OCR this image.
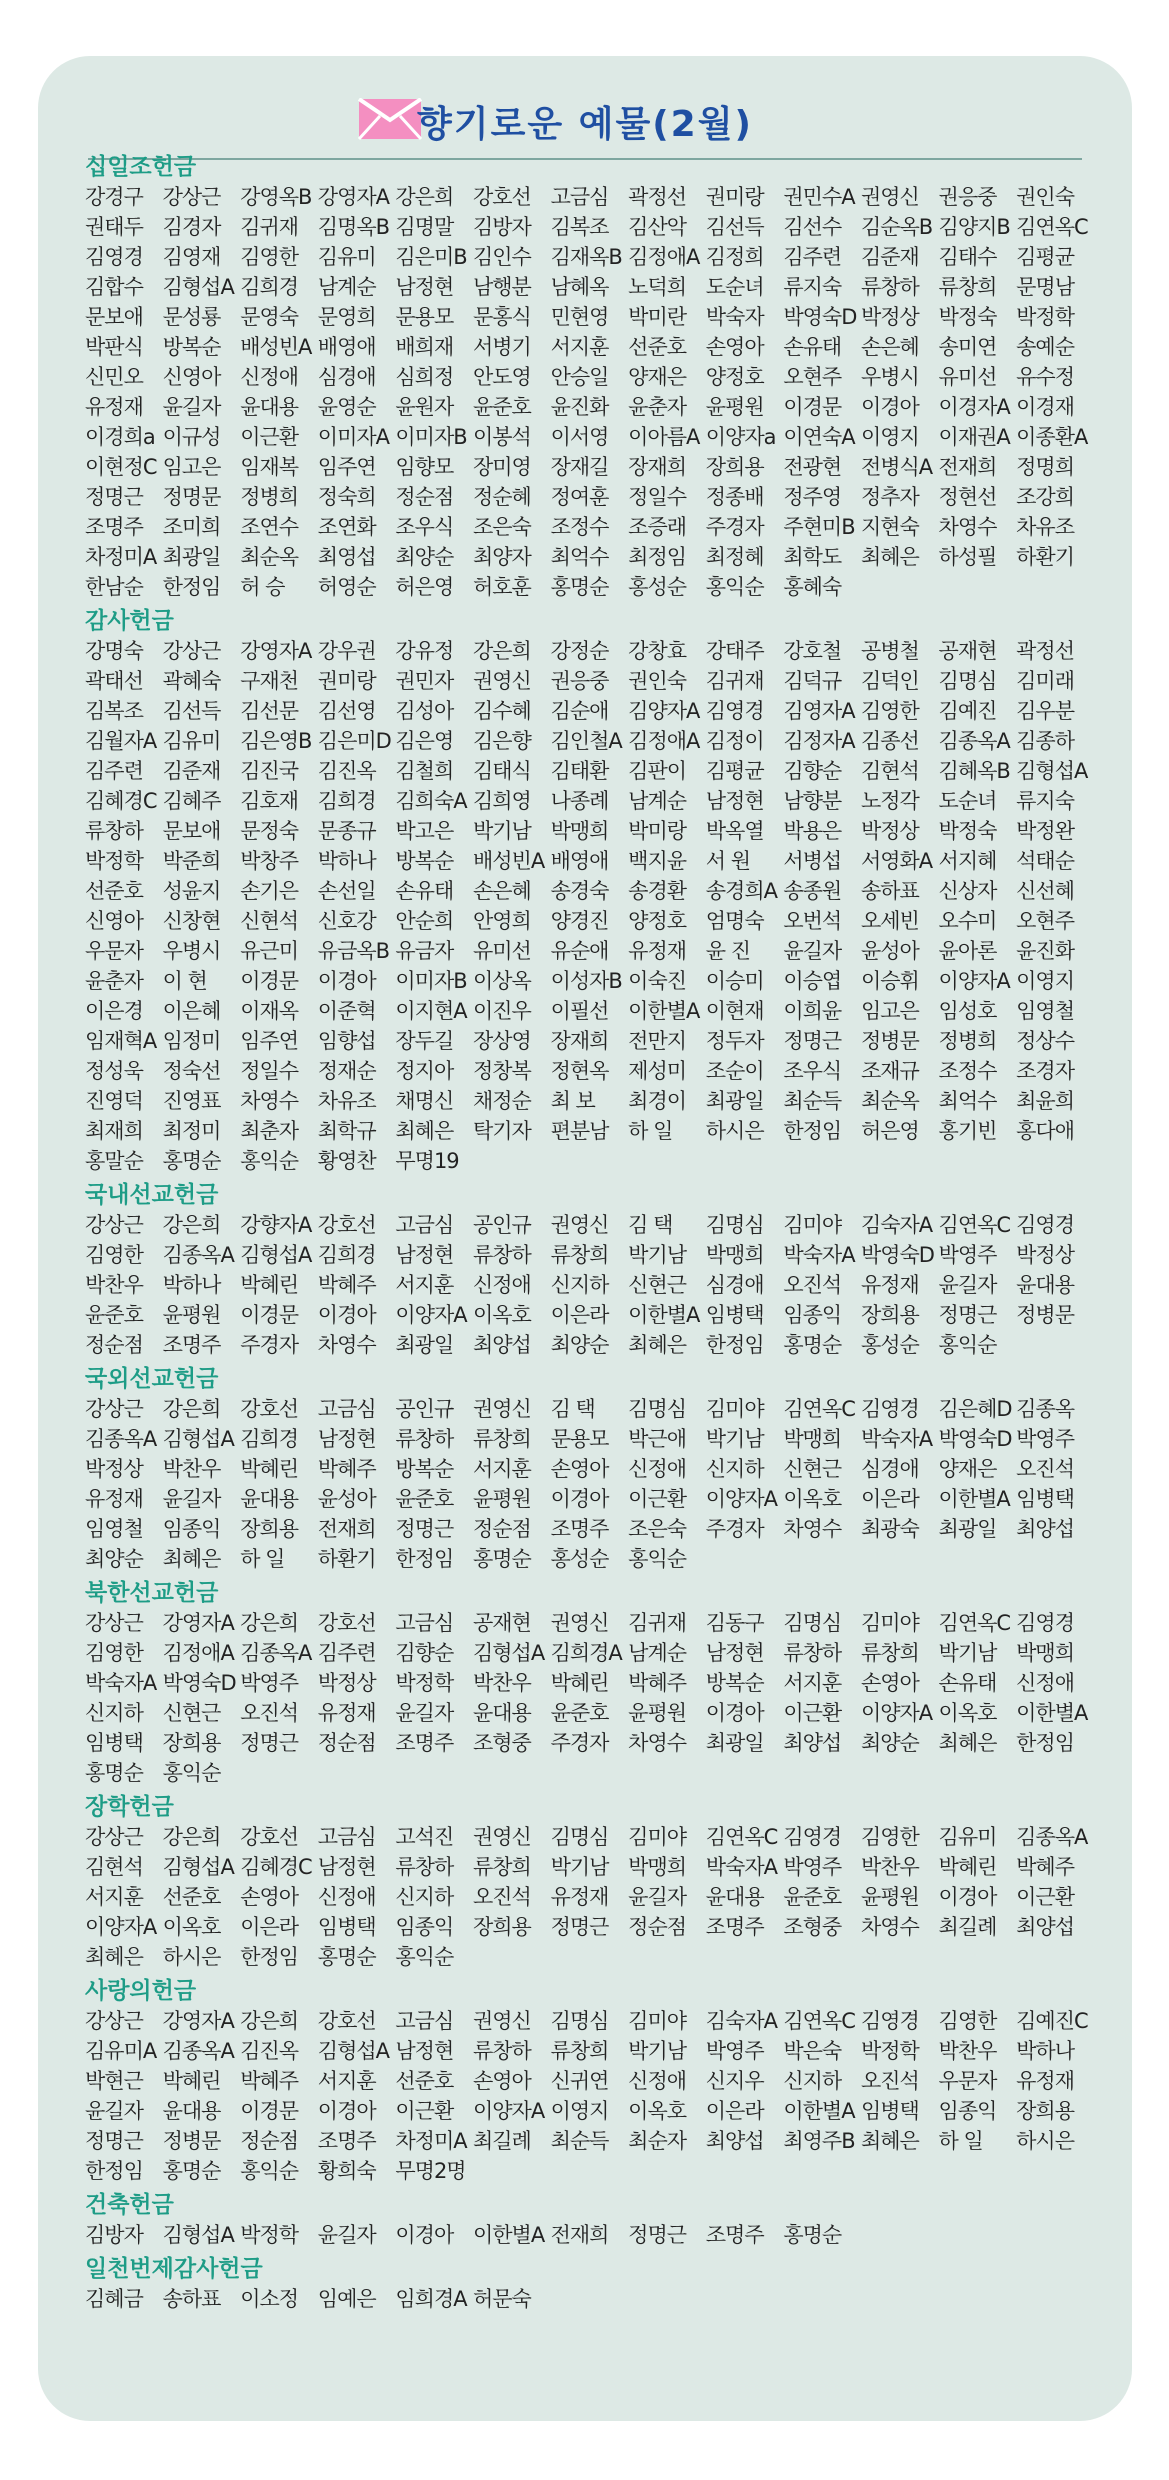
향기로운 예물(2월)
십일조헌금
강경구 강상근 강영옥B 강영자A 강은희 강호선 고금심 곽정선 권미랑 권민수A 권영신 권응중 권인숙
권태두 김경자 김귀재 김명옥B 김명말 김방자 김복조 김산악 김선득 김선수 김순옥B 김양지B 김연옥C
김영경 김영재 김영한 김유미 김은미B 김인수 김재옥B 김정애A 김정희 김주련 김준재 김태수 김평균
김합수 김형섭A 김희경 남계순 남정현 남행분 남혜옥 노덕희 도순녀 류지숙 류창하 류창희 문명남
문보애 문성룡 문영숙 문영희 문용모 문홍식 민현영 박미란 박숙자 박영숙D 박정상 박정숙 박정학
박판식 방복순 배성빈A 배영애 배희재 서병기 서지훈 선준호 손영아 손유태 손은혜 송미연 송예순
신민오 신영아 신정애 심경애 심희정 안도영 안승일 양재은 양정호 오현주 우병시 유미선 유수정
유정재 윤길자 윤대용 윤영순 윤원자 윤준호 윤진화 윤춘자 윤평원 이경문 이경아 이경자A 이경재
이경희a 이규성 이근환 이미자A 이미자B 이봉석 이서영 이아름A 이양자a 이연숙A 이영지 이재권A 이종환A
이현정C 임고은 임재복 임주연 임향모 장미영 장재길 장재희 장희용 전광현 전병식A 전재희 정명희
정명근 정명문 정병희 정숙희 정순점 정순혜 정여훈 정일수 정종배 정주영 정추자 정현선 조강희
조명주 조미희 조연수 조연화 조우식 조은숙 조정수 조증래 주경자 주현미B 지현숙 차영수 차유조
차정미A 최광일 최순옥 최영섭 최양순 최양자 최억수 최정임 최정혜 최학도 최혜은 하성필 하환기
한남순 한정임 허 승	허영순 허은영 허호훈 홍명순 홍성순 홍익순 홍혜숙
감사헌금
강명숙 강상근 강영자A 강우권 강유정 강은희 강정순 강창효 강태주 강호철 공병철 공재현 곽정선
곽태선 곽혜숙 구재천 권미랑 권민자 권영신 권응중 권인숙 김귀재 김덕규 김덕인 김명심 김미래
김복조 김선득 김선문 김선영 김성아 김수혜 김순애 김양자A 김영경 김영자A 김영한 김예진 김우분
김월자A 김유미 김은영B 김은미D 김은영 김은향 김인철A 김정애A 김정이 김정자A 김종선 김종옥A 김종하
김주련 김준재 김진국 김진옥 김철희 김태식 김태환 김판이 김평균 김향순 김현석 김혜옥B 김형섭A
김혜경C 김혜주 김호재 김희경 김희숙A 김희영 나종례 남계순 남정현 남향분 노정각 도순녀 류지숙
류창하 문보애 문정숙 문종규 박고은 박기남 박맹희 박미랑 박옥열 박용은 박정상 박정숙 박정완
박정학 박준희 박창주 박하나 방복순 배성빈A 배영애 백지윤 서 원	서병섭 서영화A 서지혜 석태순
선준호 성윤지 손기은 손선일 손유태 손은혜 송경숙 송경환 송경희A 송종원 송하표 신상자 신선혜
신영아 신창현 신현석 신호강 안순희 안영희 양경진 양정호 엄명숙 오번석 오세빈 오수미 오현주
우문자 우병시 유근미 유금옥B 유금자 유미선 유순애 유정재 윤 진	윤길자 윤성아 윤아론 윤진화
윤춘자 이 현	이경문 이경아 이미자B 이상옥 이성자B 이숙진 이승미 이승엽 이승휘 이양자A 이영지
이은경 이은혜 이재옥 이준혁 이지현A 이진우 이필선 이한별A 이현재 이희윤 임고은 임성호 임영철
임재혁A 임정미 임주연 임향섭 장두길 장상영 장재희 전만지 정두자 정명근 정병문 정병희 정상수
정성욱 정숙선 정일수 정재순 정지아 정창복 정현옥 제성미 조순이 조우식 조재규 조정수 조경자
진영덕 진영표 차영수 차유조 채명신 채정순 최 보	최경이 최광일 최순득 최순옥 최억수 최윤희
최재희 최정미 최춘자 최학규 최혜은 탁기자 편분남 하 일	하시은 한정임 허은영 홍기빈 홍다애
홍말순 홍명순 홍익순 황영찬 무명19
국내선교헌금
강상근 강은희 강향자A 강호선 고금심 공인규 권영신 김 택	김명심 김미야 김숙자A 김연옥C 김영경
김영한 김종옥A 김형섭A 김희경 남정현 류창하 류창희 박기남 박맹희 박숙자A 박영숙D 박영주 박정상
박찬우 박하나 박혜린 박혜주 서지훈 신정애 신지하 신현근 심경애 오진석 유정재 윤길자 윤대용
윤준호 윤평원 이경문 이경아 이양자A 이옥호 이은라 이한별A 임병택 임종익 장희용 정명근 정병문
정순점 조명주 주경자 차영수 최광일 최양섭 최양순 최혜은 한정임 홍명순 홍성순 홍익순
국외선교헌금
강상근 강은희 강호선 고금심 공인규 권영신 김 택	김명심 김미야 김연옥C 김영경 김은혜D 김종옥
김종옥A 김형섭A 김희경 남정현 류창하 류창희 문용모 박근애 박기남 박맹희 박숙자A 박영숙D 박영주
박정상 박찬우 박혜린 박혜주 방복순 서지훈 손영아 신정애 신지하 신현근 심경애 양재은 오진석
유정재 윤길자 윤대용 윤성아 윤준호 윤평원 이경아 이근환 이양자A 이옥호 이은라 이한별A 임병택
임영철 임종익 장희용 전재희 정명근 정순점 조명주 조은숙 주경자 차영수 최광숙 최광일 최양섭
최양순 최혜은 하 일	하환기 한정임 홍명순 홍성순 홍익순
북한선교헌금
강상근 강영자A 강은희 강호선 고금심 공재현 권영신 김귀재 김동구 김명심 김미야 김연옥C 김영경
김영한 김정애A 김종옥A 김주련 김향순 김형섭A 김희경A 남계순 남정현 류창하 류창희 박기남 박맹희
박숙자A 박영숙D 박영주 박정상 박정학 박찬우 박혜린 박혜주 방복순 서지훈 손영아 손유태 신정애
신지하 신현근 오진석 유정재 윤길자 윤대용 윤준호 윤평원 이경아 이근환 이양자A 이옥호 이한별A
임병택 장희용 정명근 정순점 조명주 조형중 주경자 차영수 최광일 최양섭 최양순 최혜은 한정임
홍명순 홍익순
장학헌금
강상근 강은희 강호선 고금심 고석진 권영신 김명심 김미야 김연옥C 김영경 김영한 김유미 김종옥A
김현석 김형섭A 김혜경C 남정현 류창하 류창희 박기남 박맹희 박숙자A 박영주 박찬우 박혜린 박혜주
서지훈 선준호 손영아 신정애 신지하 오진석 유정재 윤길자 윤대용 윤준호 윤평원 이경아 이근환
이양자A 이옥호 이은라 임병택 임종익 장희용 정명근 정순점 조명주 조형중 차영수 최길례 최양섭
최혜은 하시은 한정임 홍명순 홍익순
사랑의헌금
강상근 강영자A 강은희 강호선 고금심 권영신 김명심 김미야 김숙자A 김연옥C 김영경 김영한 김예진C
김유미A 김종옥A 김진옥 김형섭A 남정현 류창하 류창희 박기남 박영주 박은숙 박정학 박찬우 박하나
박현근 박혜린 박혜주 서지훈 선준호 손영아 신귀연 신정애 신지우 신지하 오진석 우문자 유정재
윤길자 윤대용 이경문 이경아 이근환 이양자A 이영지 이옥호 이은라 이한별A 임병택 임종익 장희용
정명근 정병문 정순점 조명주 차정미A 최길례 최순득 최순자 최양섭 최영주B 최혜은 하 일	하시은
한정임 홍명순 홍익순 황희숙 무명2명
건축헌금
김방자 김형섭A 박정학 윤길자 이경아 이한별A 전재희 정명근 조명주 홍명순
일천번제감사헌금
김혜금 송하표 이소정 임예은 임희경A 허문숙
